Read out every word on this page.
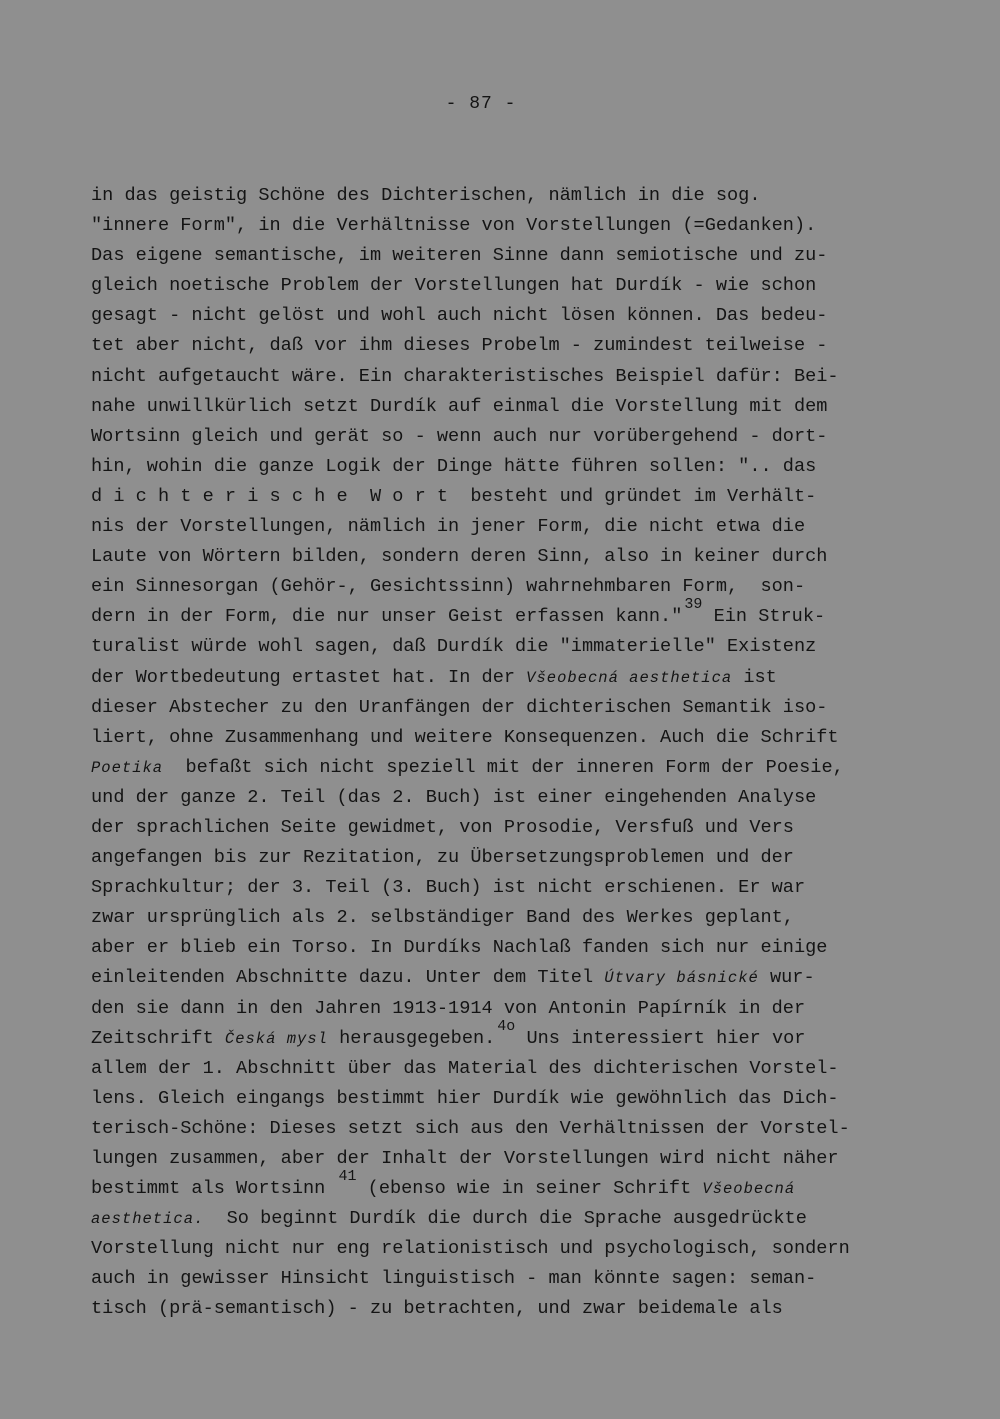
- 87 -
in das geistig Schöne des Dichterischen, nämlich in die sog.
"innere Form", in die Verhältnisse von Vorstellungen (=Gedanken).
Das eigene semantische, im weiteren Sinne dann semiotische und zu-
gleich noetische Problem der Vorstellungen hat Durdík - wie schon
gesagt - nicht gelöst und wohl auch nicht lösen können. Das bedeu-
tet aber nicht, daß vor ihm dieses Probelm - zumindest teilweise -
nicht aufgetaucht wäre. Ein charakteristisches Beispiel dafür: Bei-
nahe unwillkürlich setzt Durdík auf einmal die Vorstellung mit dem
Wortsinn gleich und gerät so - wenn auch nur vorübergehend - dort-
hin, wohin die ganze Logik der Dinge hätte führen sollen: ".. das
d i c h t e r i s c h e  W o r t  besteht und gründet im Verhält-
nis der Vorstellungen, nämlich in jener Form, die nicht etwa die
Laute von Wörtern bilden, sondern deren Sinn, also in keiner durch
ein Sinnesorgan (Gehör-, Gesichtssinn) wahrnehmbaren Form,  son-
dern in der Form, die nur unser Geist erfassen kann."$^{39}$ Ein Struk-
turalist würde wohl sagen, daß Durdík die "immaterielle" Existenz
der Wortbedeutung ertastet hat. In der Všeobecná aesthetica ist
dieser Abstecher zu den Uranfängen der dichterischen Semantik iso-
liert, ohne Zusammenhang und weitere Konsequenzen. Auch die Schrift
Poetika  befaßt sich nicht speziell mit der inneren Form der Poesie,
und der ganze 2. Teil (das 2. Buch) ist einer eingehenden Analyse
der sprachlichen Seite gewidmet, von Prosodie, Versfuß und Vers
angefangen bis zur Rezitation, zu Übersetzungsproblemen und der
Sprachkultur; der 3. Teil (3. Buch) ist nicht erschienen. Er war
zwar ursprünglich als 2. selbständiger Band des Werkes geplant,
aber er blieb ein Torso. In Durdíks Nachlaß fanden sich nur einige
einleitenden Abschnitte dazu. Unter dem Titel Útvary básnické wur-
den sie dann in den Jahren 1913-1914 von Antonin Papírník in der
Zeitschrift Česká mysl herausgegeben.$^{4o}$ Uns interessiert hier vor
allem der 1. Abschnitt über das Material des dichterischen Vorstel-
lens. Gleich eingangs bestimmt hier Durdík wie gewöhnlich das Dich-
terisch-Schöne: Dieses setzt sich aus den Verhältnissen der Vorstel-
lungen zusammen, aber der Inhalt der Vorstellungen wird nicht näher
bestimmt als Wortsinn $^{41}$ (ebenso wie in seiner Schrift Všeobecná
aesthetica.  So beginnt Durdík die durch die Sprache ausgedrückte
Vorstellung nicht nur eng relationistisch und psychologisch, sondern
auch in gewisser Hinsicht linguistisch - man könnte sagen: seman-
tisch (prä-semantisch) - zu betrachten, und zwar beidemale als
